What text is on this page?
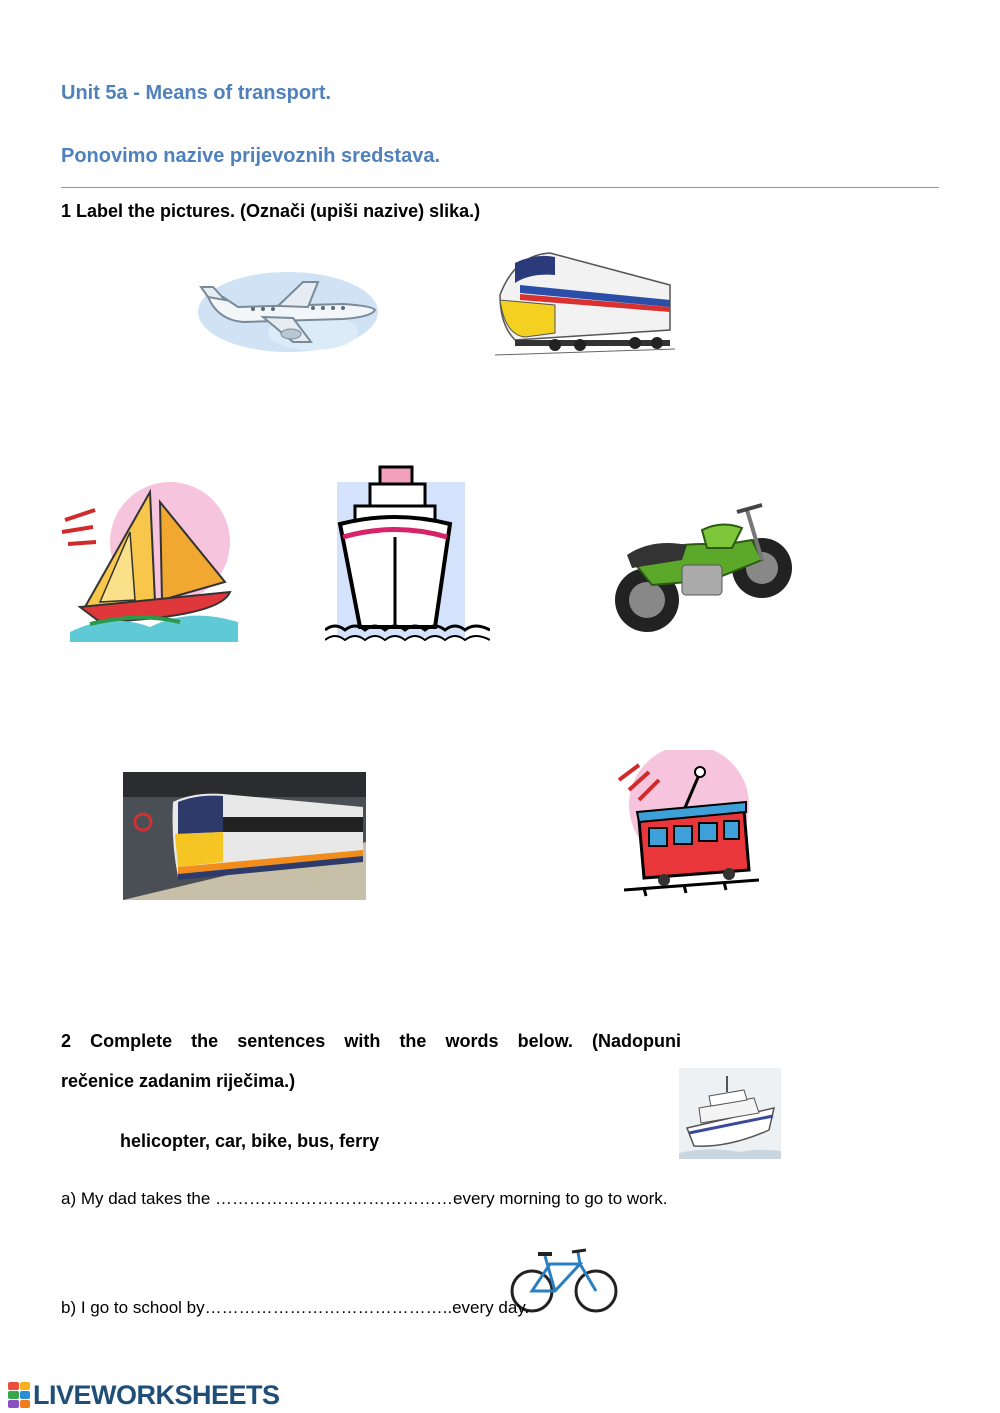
Unit 5a - Means of transport.
Ponovimo nazive prijevoznih sredstava.
1 Label the pictures. (Označi (upiši nazive) slika.)
2 Complete the sentences with the words below. (Nadopuni
rečenice zadanim riječima.)
helicopter, car, bike, bus, ferry
a) My dad takes the ……………………………………every morning to go to work.
b) I go to school by……………………………………..every day.
LIVEWORKSHEETS
